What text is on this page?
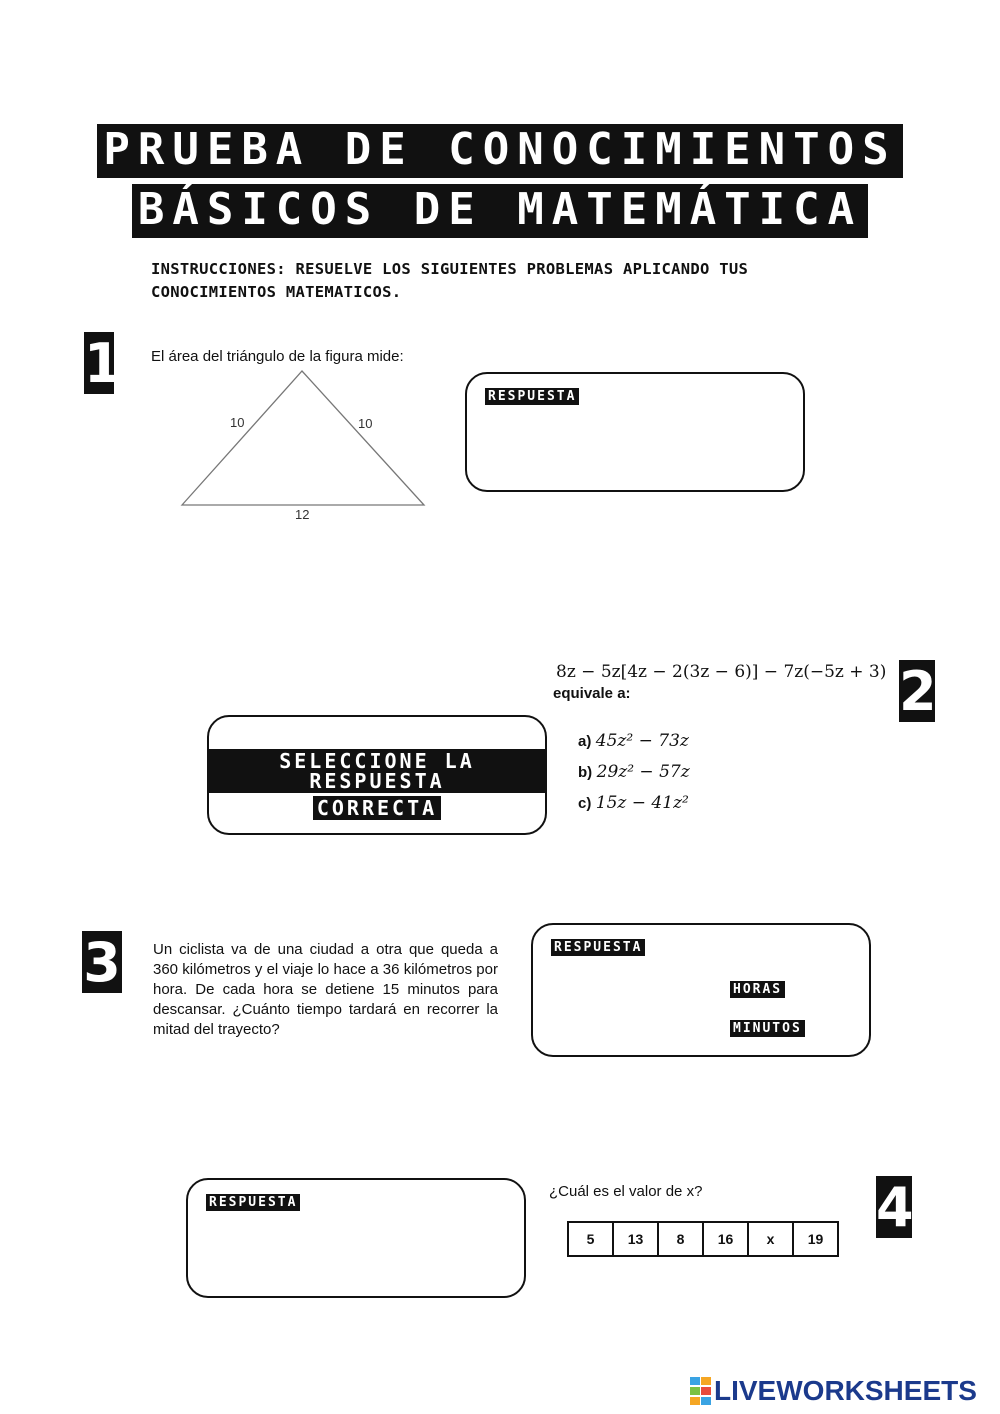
PRUEBA DE CONOCIMIENTOS
BÁSICOS DE MATEMÁTICA
INSTRUCCIONES: RESUELVE LOS SIGUIENTES PROBLEMAS APLICANDO TUS
CONOCIMIENTOS MATEMATICOS.
1 El área del triángulo de la figura mide:
10	10
12
RESPUESTA
2
8z − 5z[4z − 2(3z − 6)] − 7z(−5z + 3)
equivale a:
SELECCIONE LA RESPUESTA
CORRECTA
a) 45z² − 73z
b) 29z² − 57z
c) 15z − 41z²
3 Un ciclista va de una ciudad a otra que queda a 360 kilómetros y el viaje lo hace a 36 kilómetros por hora. De cada hora se detiene 15 minutos para descansar. ¿Cuánto tiempo tardará en recorrer la mitad del trayecto?
RESPUESTA
HORAS
MINUTOS
RESPUESTA
¿Cuál es el valor de x?	4
5	13	8	16	x	19
LIVEWORKSHEETS
